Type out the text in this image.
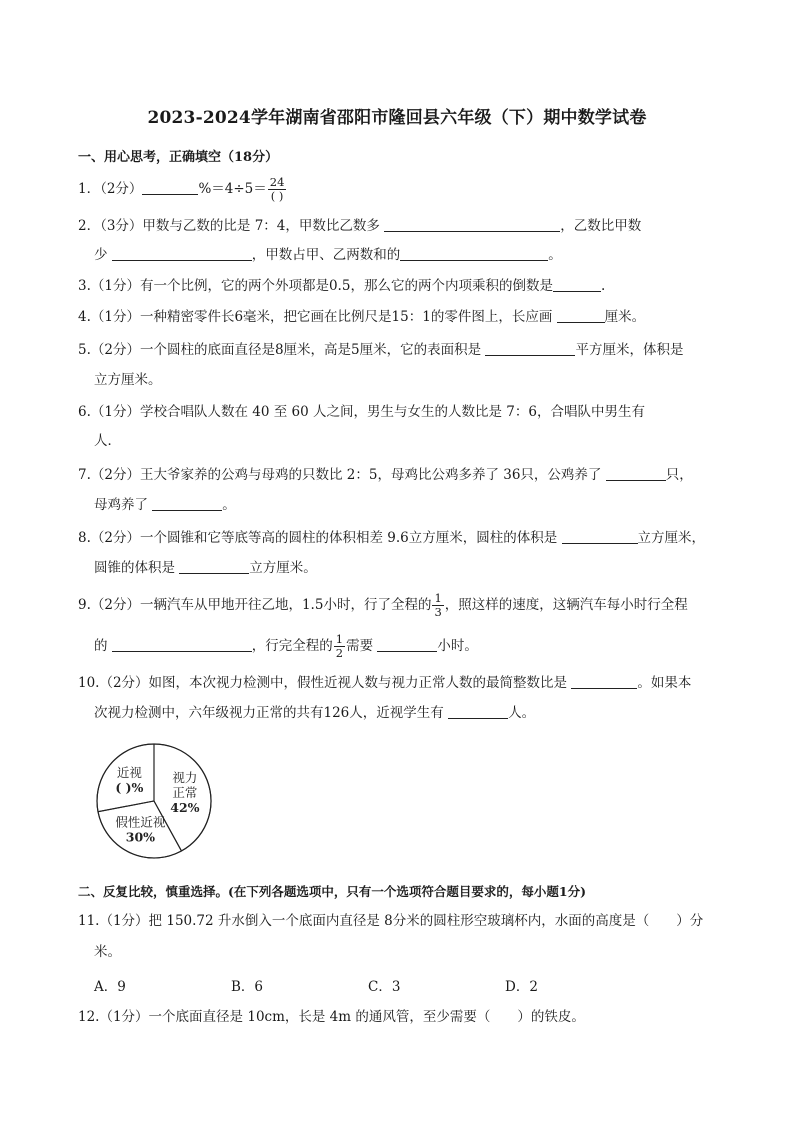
2023-2024学年湖南省邵阳市隆回县六年级（下）期中数学试卷
一、用心思考，正确填空（18分）
1．（2分）	$\%=4\div 5= \frac{24}{( )}$
2．（3分）甲数与乙数的比是 7：4，甲数比乙数多	，乙数比甲数
少	，甲数占甲、乙两数和的	。
3.（1分）有一个比例，它的两个外项都是0.5，那么它的两个内项乘积的倒数是	.
4.（1分）一种精密零件长6毫米，把它画在比例尺是15：1的零件图上，长应画	厘米。
5.（2分）一个圆柱的底面直径是8厘米，高是5厘米，它的表面积是	平方厘米，体积是
立方厘米。
6.（1分）学校合唱队人数在 40 至 60 人之间，男生与女生的人数比是 7：6，合唱队中男生有
人．
7.（2分）王大爷家养的公鸡与母鸡的只数比 2：5，母鸡比公鸡多养了 36只，公鸡养了	只，
母鸡养了	。
8.（2分）一个圆锥和它等底等高的圆柱的体积相差 9.6立方厘米，圆柱的体积是	立方厘米，
圆锥的体积是	立方厘米。
9.（2分）一辆汽车从甲地开往乙地，1.5小时，行了全程的 $\frac{1}{3}$ ，照这样的速度，这辆汽车每小时行全程
的	，行完全程的 $\frac{1}{2}$ 需要	小时。
10.（2分）如图，本次视力检测中，假性近视人数与视力正常人数的最简整数比是	。如果本
次视力检测中，六年级视力正常的共有126人，近视学生有	人。
视力
正常
42%
假性近视
30%
近视
( )%
二、反复比较，慎重选择。(在下列各题选项中，只有一个选项符合题目要求的，每小题1分)
11.（1分）把 150.72 升水倒入一个底面内直径是 8分米的圆柱形空玻璃杯内，水面的高度是（　　）分
米。
A．9	B．6	C．3	D．2
12.（1分）一个底面直径是 10cm，长是 4m 的通风管，至少需要（　　）的铁皮。
